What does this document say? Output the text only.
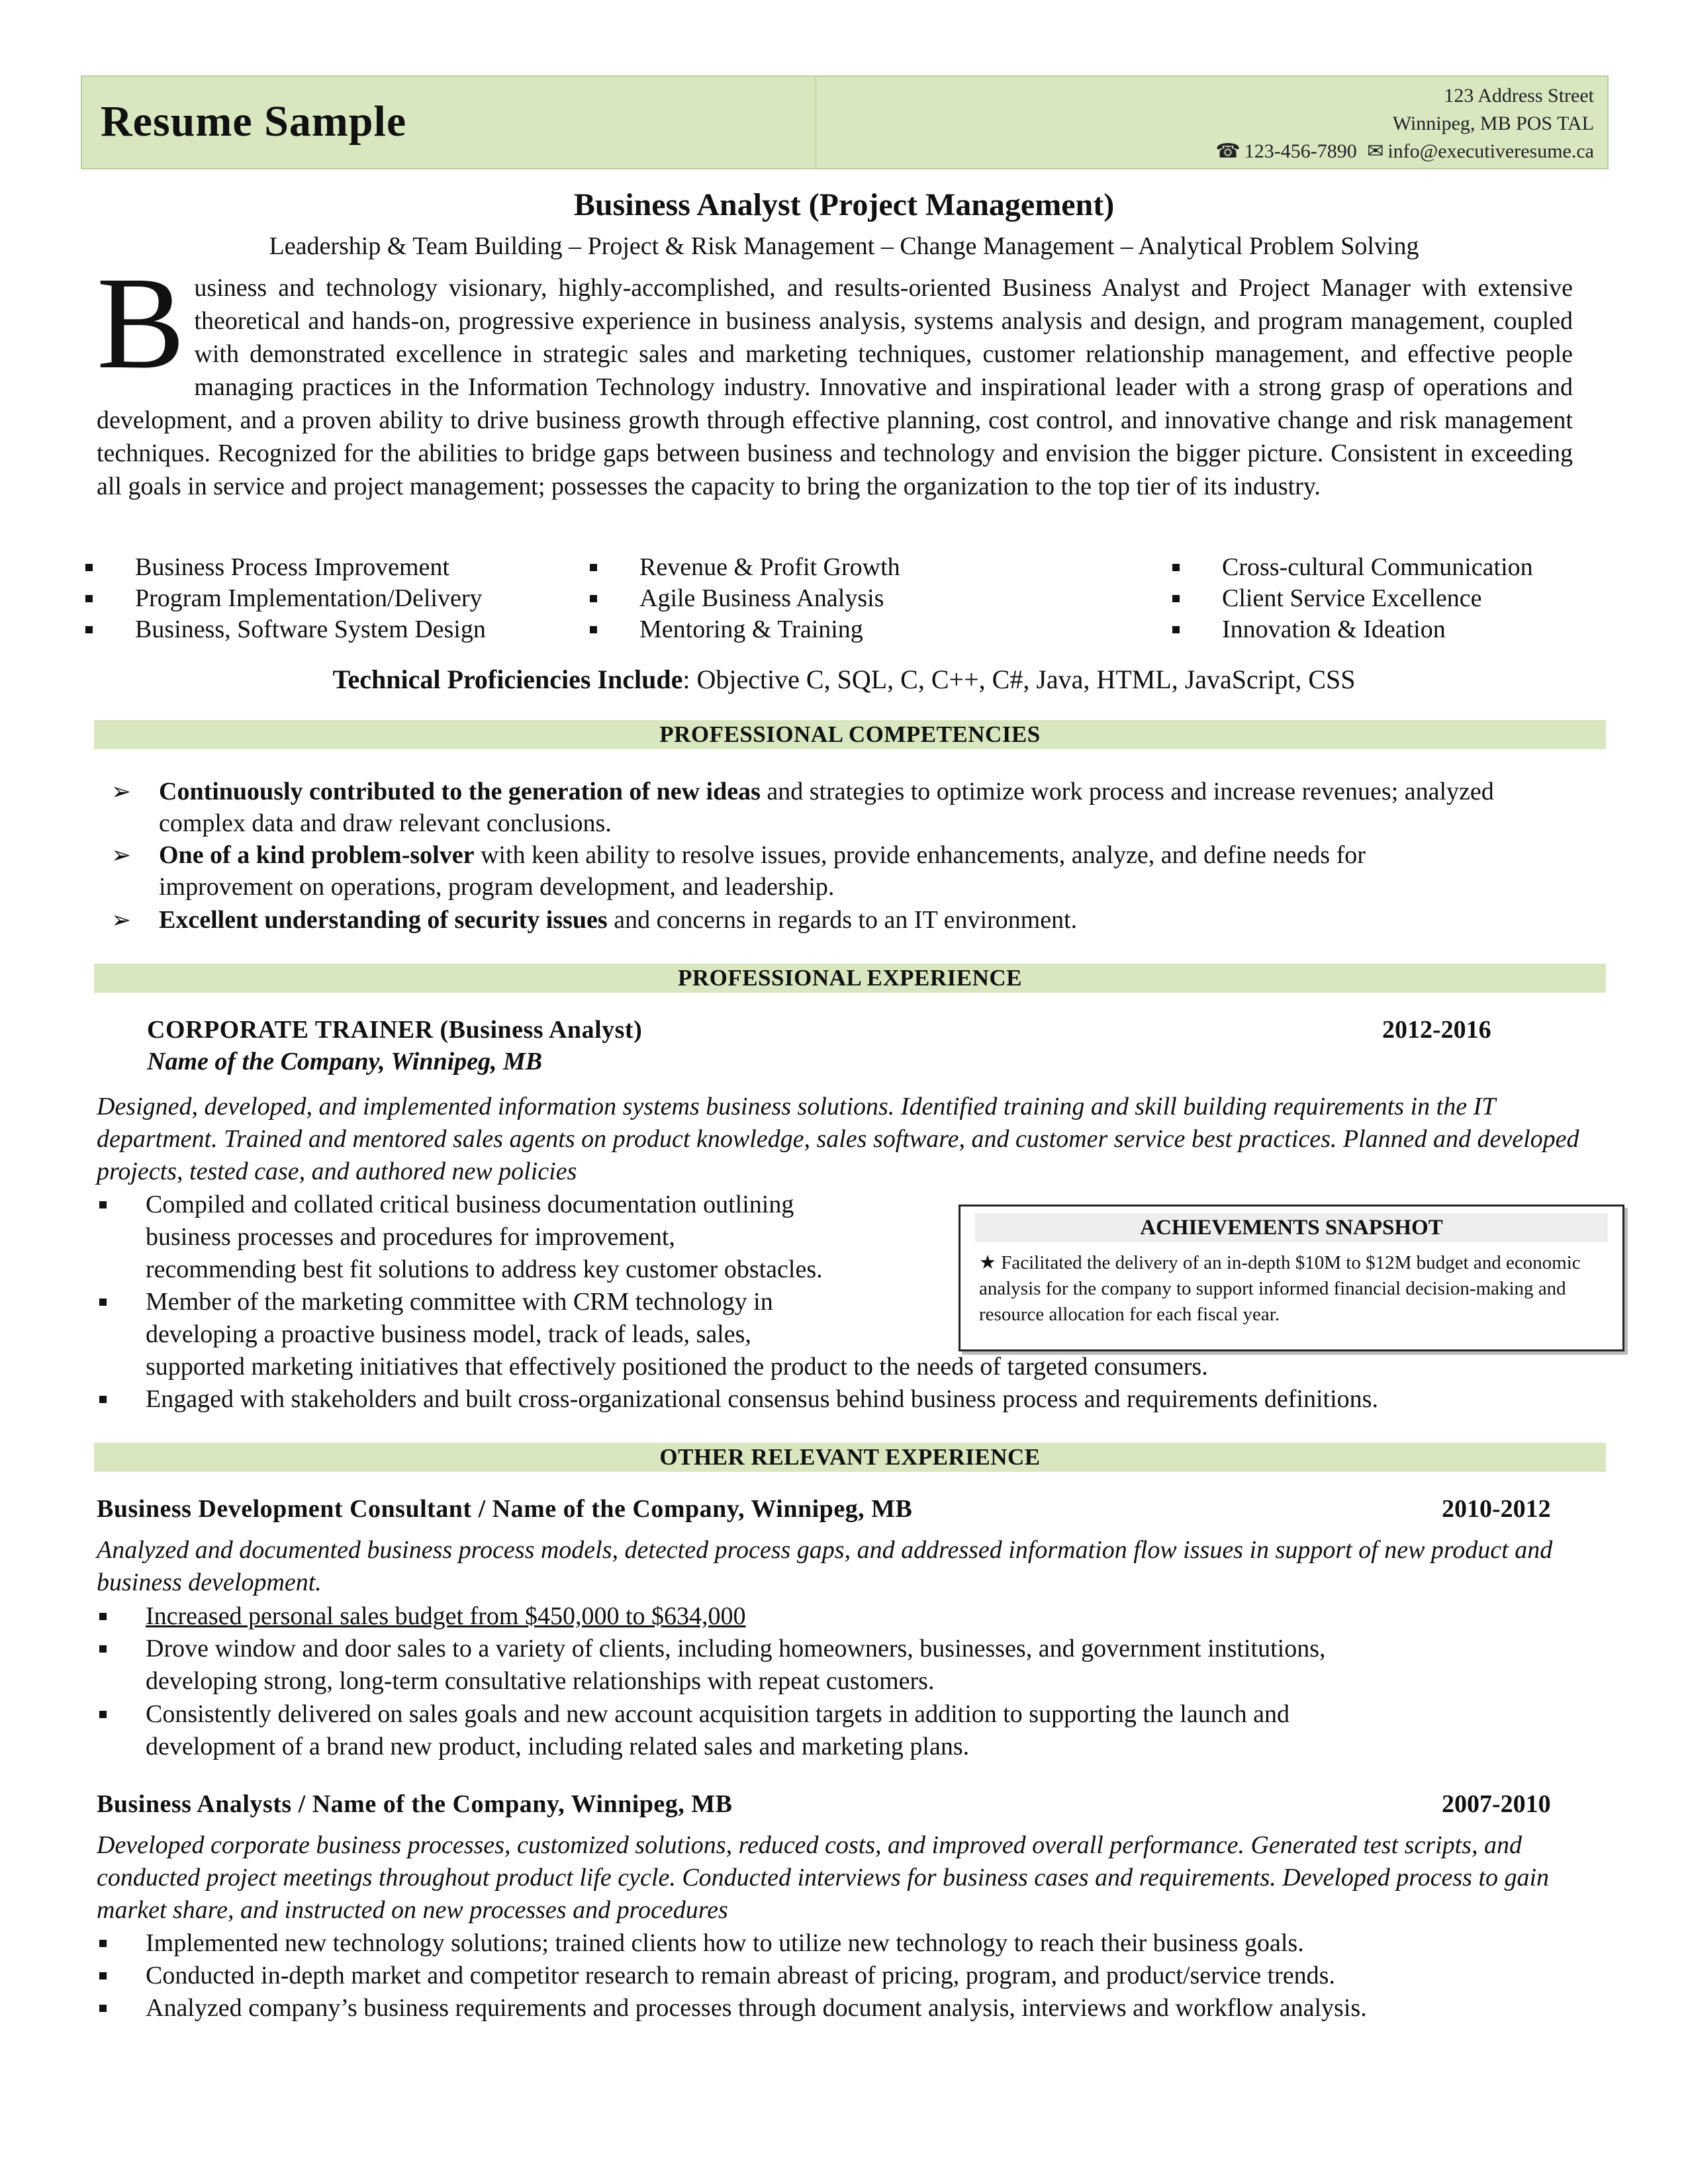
Resume Sample
123 Address Street
Winnipeg, MB POS TAL
☎ 123-456-7890 ✉ info@executiveresume.ca
Business Analyst (Project Management)
Leadership & Team Building – Project & Risk Management – Change Management – Analytical Problem Solving

Business and technology visionary, highly-accomplished, and results-oriented Business Analyst and Project Manager with extensive theoretical and hands-on, progressive experience in business analysis, systems analysis and design, and program management, coupled with demonstrated excellence in strategic sales and marketing techniques, customer relationship management, and effective people managing practices in the Information Technology industry. Innovative and inspirational leader with a strong grasp of operations and development, and a proven ability to drive business growth through effective planning, cost control, and innovative change and risk management techniques. Recognized for the abilities to bridge gaps between business and technology and envision the bigger picture. Consistent in exceeding all goals in service and project management; possesses the capacity to bring the organization to the top tier of its industry.

Business Process Improvement
Program Implementation/Delivery
Business, Software System Design
Revenue & Profit Growth
Agile Business Analysis
Mentoring & Training
Cross-cultural Communication
Client Service Excellence
Innovation & Ideation
Technical Proficiencies Include: Objective C, SQL, C, C++, C#, Java, HTML, JavaScript, CSS
PROFESSIONAL COMPETENCIES
➢ Continuously contributed to the generation of new ideas and strategies to optimize work process and increase revenues; analyzed complex data and draw relevant conclusions.
➢ One of a kind problem-solver with keen ability to resolve issues, provide enhancements, analyze, and define needs for improvement on operations, program development, and leadership.
➢ Excellent understanding of security issues and concerns in regards to an IT environment.
PROFESSIONAL EXPERIENCE
CORPORATE TRAINER (Business Analyst)	2012-2016
Name of the Company, Winnipeg, MB

Designed, developed, and implemented information systems business solutions. Identified training and skill building requirements in the IT department. Trained and mentored sales agents on product knowledge, sales software, and customer service best practices. Planned and developed projects, tested case, and authored new policies

Compiled and collated critical business documentation outlining
business processes and procedures for improvement,
recommending best fit solutions to address key customer obstacles.

Member of the marketing committee with CRM technology in
developing a proactive business model, track of leads, sales,
supported marketing initiatives that effectively positioned the product to the needs of targeted consumers.

Engaged with stakeholders and built cross-organizational consensus behind business process and requirements definitions.

ACHIEVEMENTS SNAPSHOT

★ Facilitated the delivery of an in-depth $10M to $12M budget and economic analysis for the company to support informed financial decision-making and resource allocation for each fiscal year.

OTHER RELEVANT EXPERIENCE
Business Development Consultant / Name of the Company, Winnipeg, MB	2010-2012

Analyzed and documented business process models, detected process gaps, and addressed information flow issues in support of new product and business development.

Increased personal sales budget from $450,000 to $634,000

Drove window and door sales to a variety of clients, including homeowners, businesses, and government institutions,
developing strong, long-term consultative relationships with repeat customers.

Consistently delivered on sales goals and new account acquisition targets in addition to supporting the launch and
development of a brand new product, including related sales and marketing plans.

Business Analysts / Name of the Company, Winnipeg, MB	2007-2010

Developed corporate business processes, customized solutions, reduced costs, and improved overall performance. Generated test scripts, and conducted project meetings throughout product life cycle. Conducted interviews for business cases and requirements. Developed process to gain market share, and instructed on new processes and procedures

Implemented new technology solutions; trained clients how to utilize new technology to reach their business goals.

Conducted in-depth market and competitor research to remain abreast of pricing, program, and product/service trends.

Analyzed company’s business requirements and processes through document analysis, interviews and workflow analysis.
